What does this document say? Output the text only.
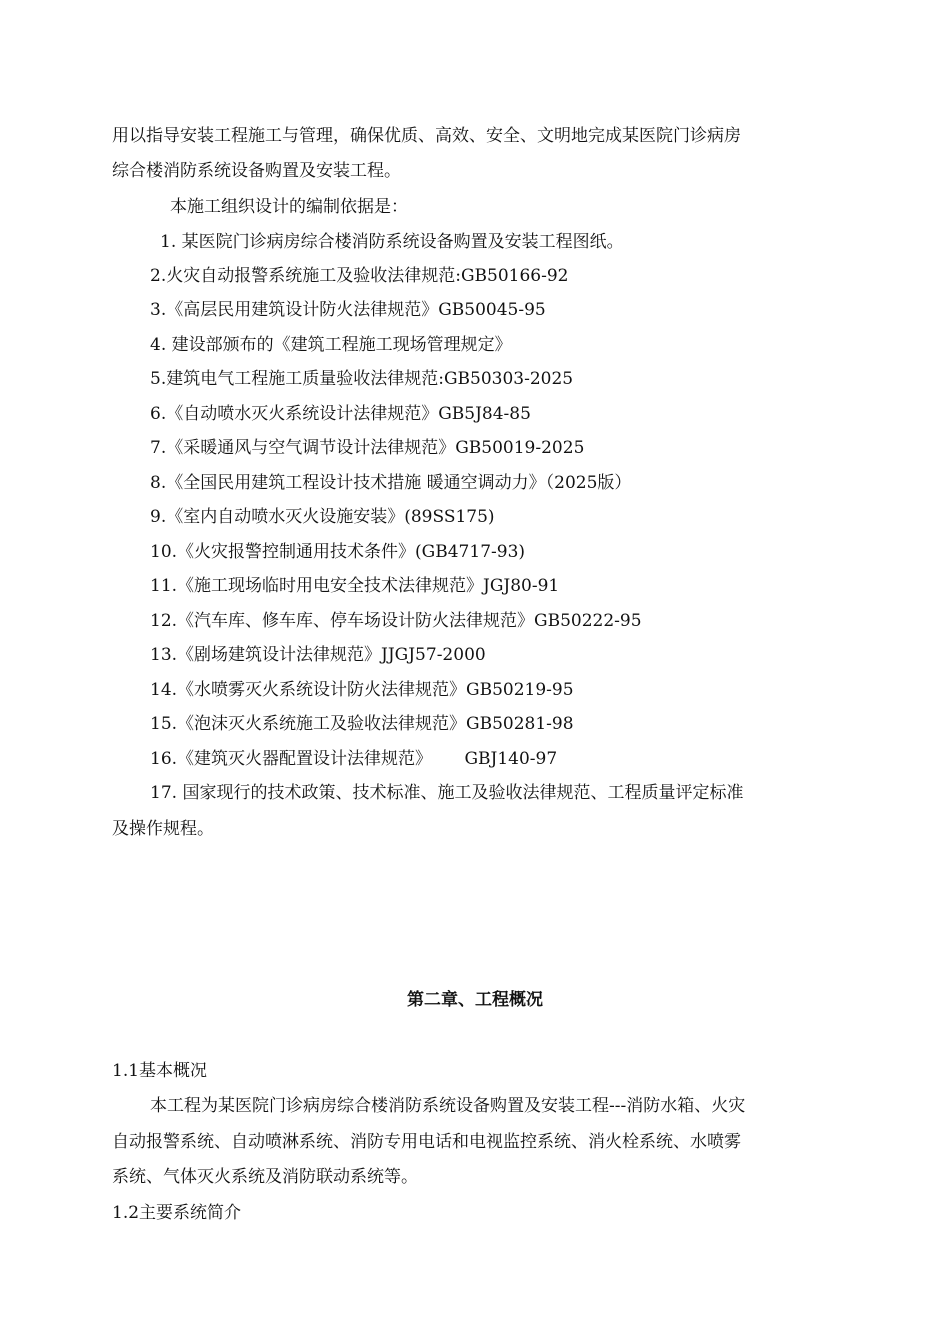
用以指导安装工程施工与管理，确保优质、高效、安全、文明地完成某医院门诊病房
综合楼消防系统设备购置及安装工程。
本施工组织设计的编制依据是：
1. 某医院门诊病房综合楼消防系统设备购置及安装工程图纸。
2.火灾自动报警系统施工及验收法律规范:GB50166-92
3.《高层民用建筑设计防火法律规范》GB50045-95
4. 建设部颁布的《建筑工程施工现场管理规定》
5.建筑电气工程施工质量验收法律规范:GB50303-2025
6.《自动喷水灭火系统设计法律规范》GB5J84-85
7.《采暖通风与空气调节设计法律规范》GB50019-2025
8.《全国民用建筑工程设计技术措施 暖通空调动力》（2025版）
9.《室内自动喷水灭火设施安装》(89SS175)
10.《火灾报警控制通用技术条件》(GB4717-93)
11.《施工现场临时用电安全技术法律规范》JGJ80-91
12.《汽车库、修车库、停车场设计防火法律规范》GB50222-95
13.《剧场建筑设计法律规范》JJGJ57-2000
14.《水喷雾灭火系统设计防火法律规范》GB50219-95
15.《泡沫灭火系统施工及验收法律规范》GB50281-98
16.《建筑灭火器配置设计法律规范》      GBJ140-97
17. 国家现行的技术政策、技术标准、施工及验收法律规范、工程质量评定标准
及操作规程。
第二章、工程概况
1.1基本概况
本工程为某医院门诊病房综合楼消防系统设备购置及安装工程---消防水箱、火灾
自动报警系统、自动喷淋系统、消防专用电话和电视监控系统、消火栓系统、水喷雾
系统、气体灭火系统及消防联动系统等。
1.2主要系统简介
